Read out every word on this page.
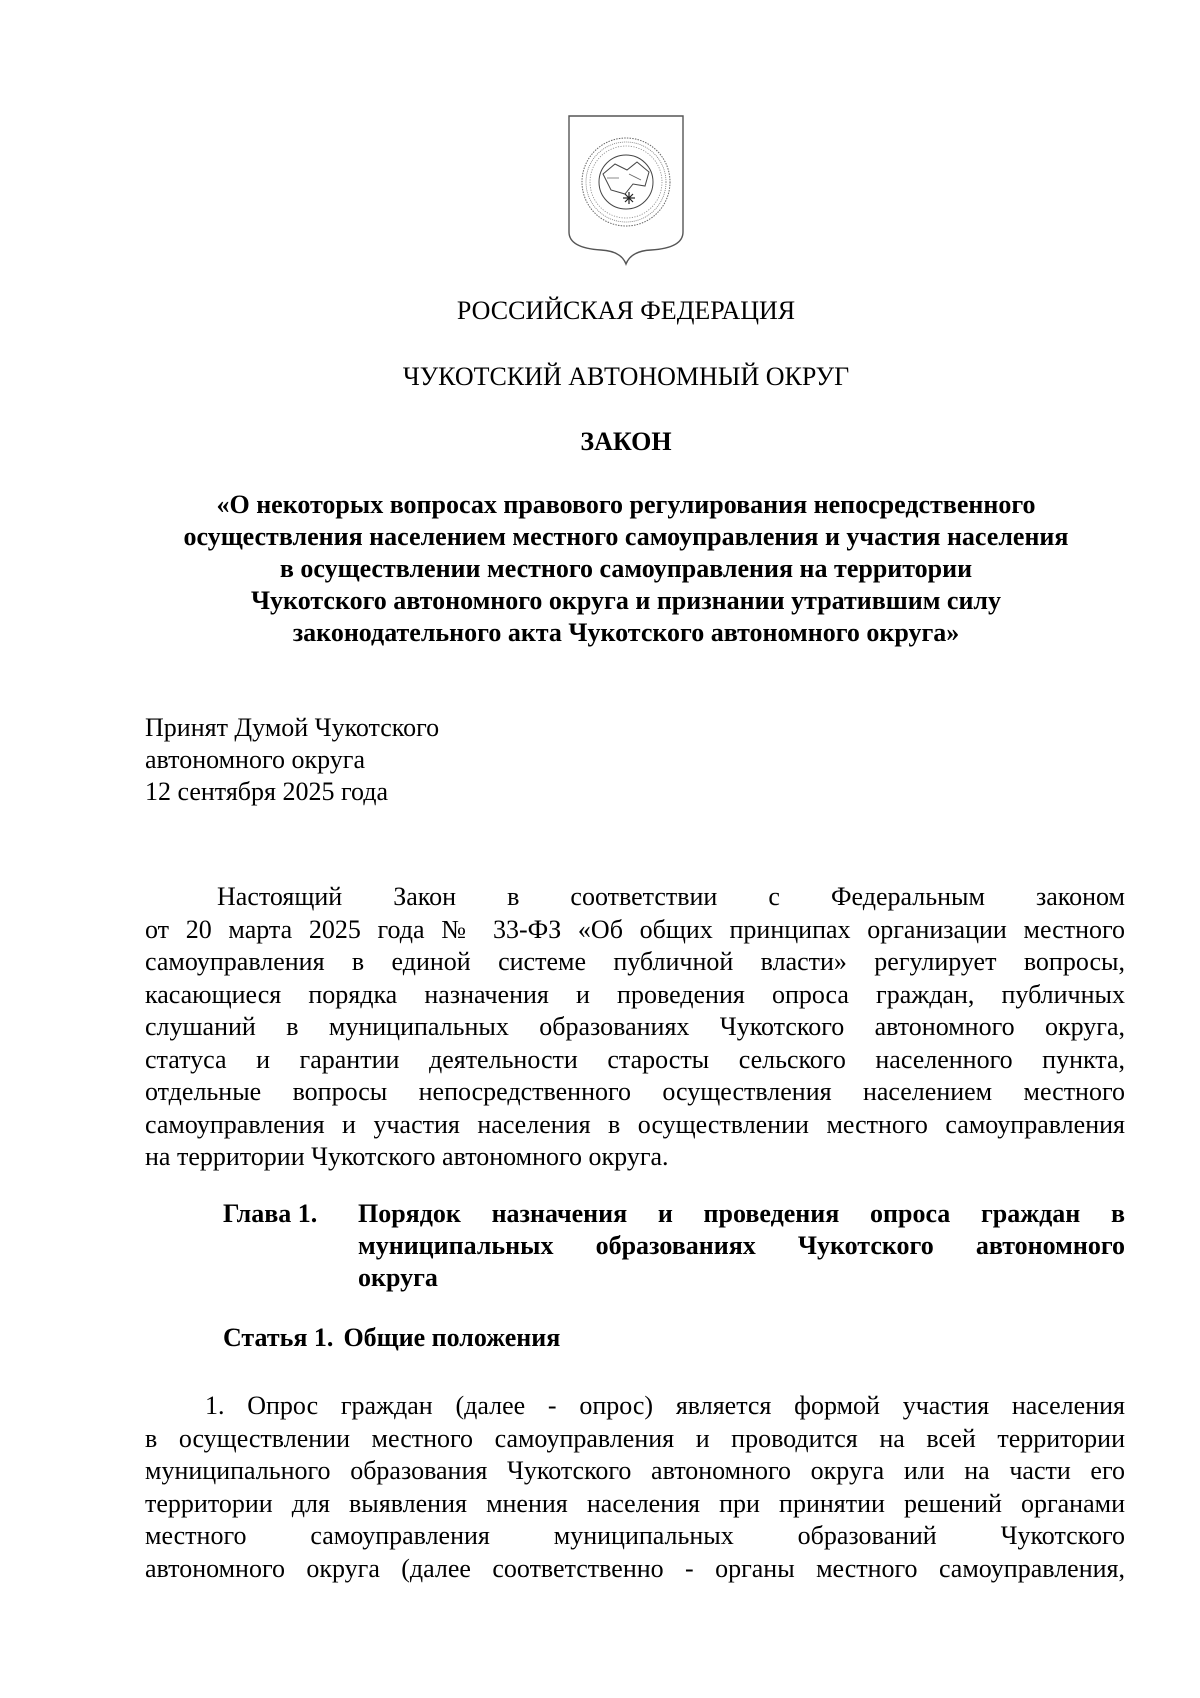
РОССИЙСКАЯ ФЕДЕРАЦИЯ
ЧУКОТСКИЙ АВТОНОМНЫЙ ОКРУГ
ЗАКОН
«О некоторых вопросах правового регулирования непосредственного
осуществления населением местного самоуправления и участия населения
в осуществлении местного самоуправления на территории
Чукотского автономного округа и признании утратившим силу
законодательного акта Чукотского автономного округа»
Принят Думой Чукотского
автономного округа
12 сентября 2025 года
Настоящий Закон в соответствии с Федеральным законом
от 20 марта 2025 года № 33-ФЗ «Об общих принципах организации местного
самоуправления в единой системе публичной власти» регулирует вопросы,
касающиеся порядка назначения и проведения опроса граждан, публичных
слушаний в муниципальных образованиях Чукотского автономного округа,
статуса и гарантии деятельности старосты сельского населенного пункта,
отдельные вопросы непосредственного осуществления населением местного
самоуправления и участия населения в осуществлении местного самоуправления
на территории Чукотского автономного округа.
Глава 1. Порядок назначения и проведения опроса граждан в
муниципальных образованиях Чукотского автономного
округа
Статья 1. Общие положения
1. Опрос граждан (далее - опрос) является формой участия населения
в осуществлении местного самоуправления и проводится на всей территории
муниципального образования Чукотского автономного округа или на части его
территории для выявления мнения населения при принятии решений органами
местного самоуправления муниципальных образований Чукотского
автономного округа (далее соответственно - органы местного самоуправления,
